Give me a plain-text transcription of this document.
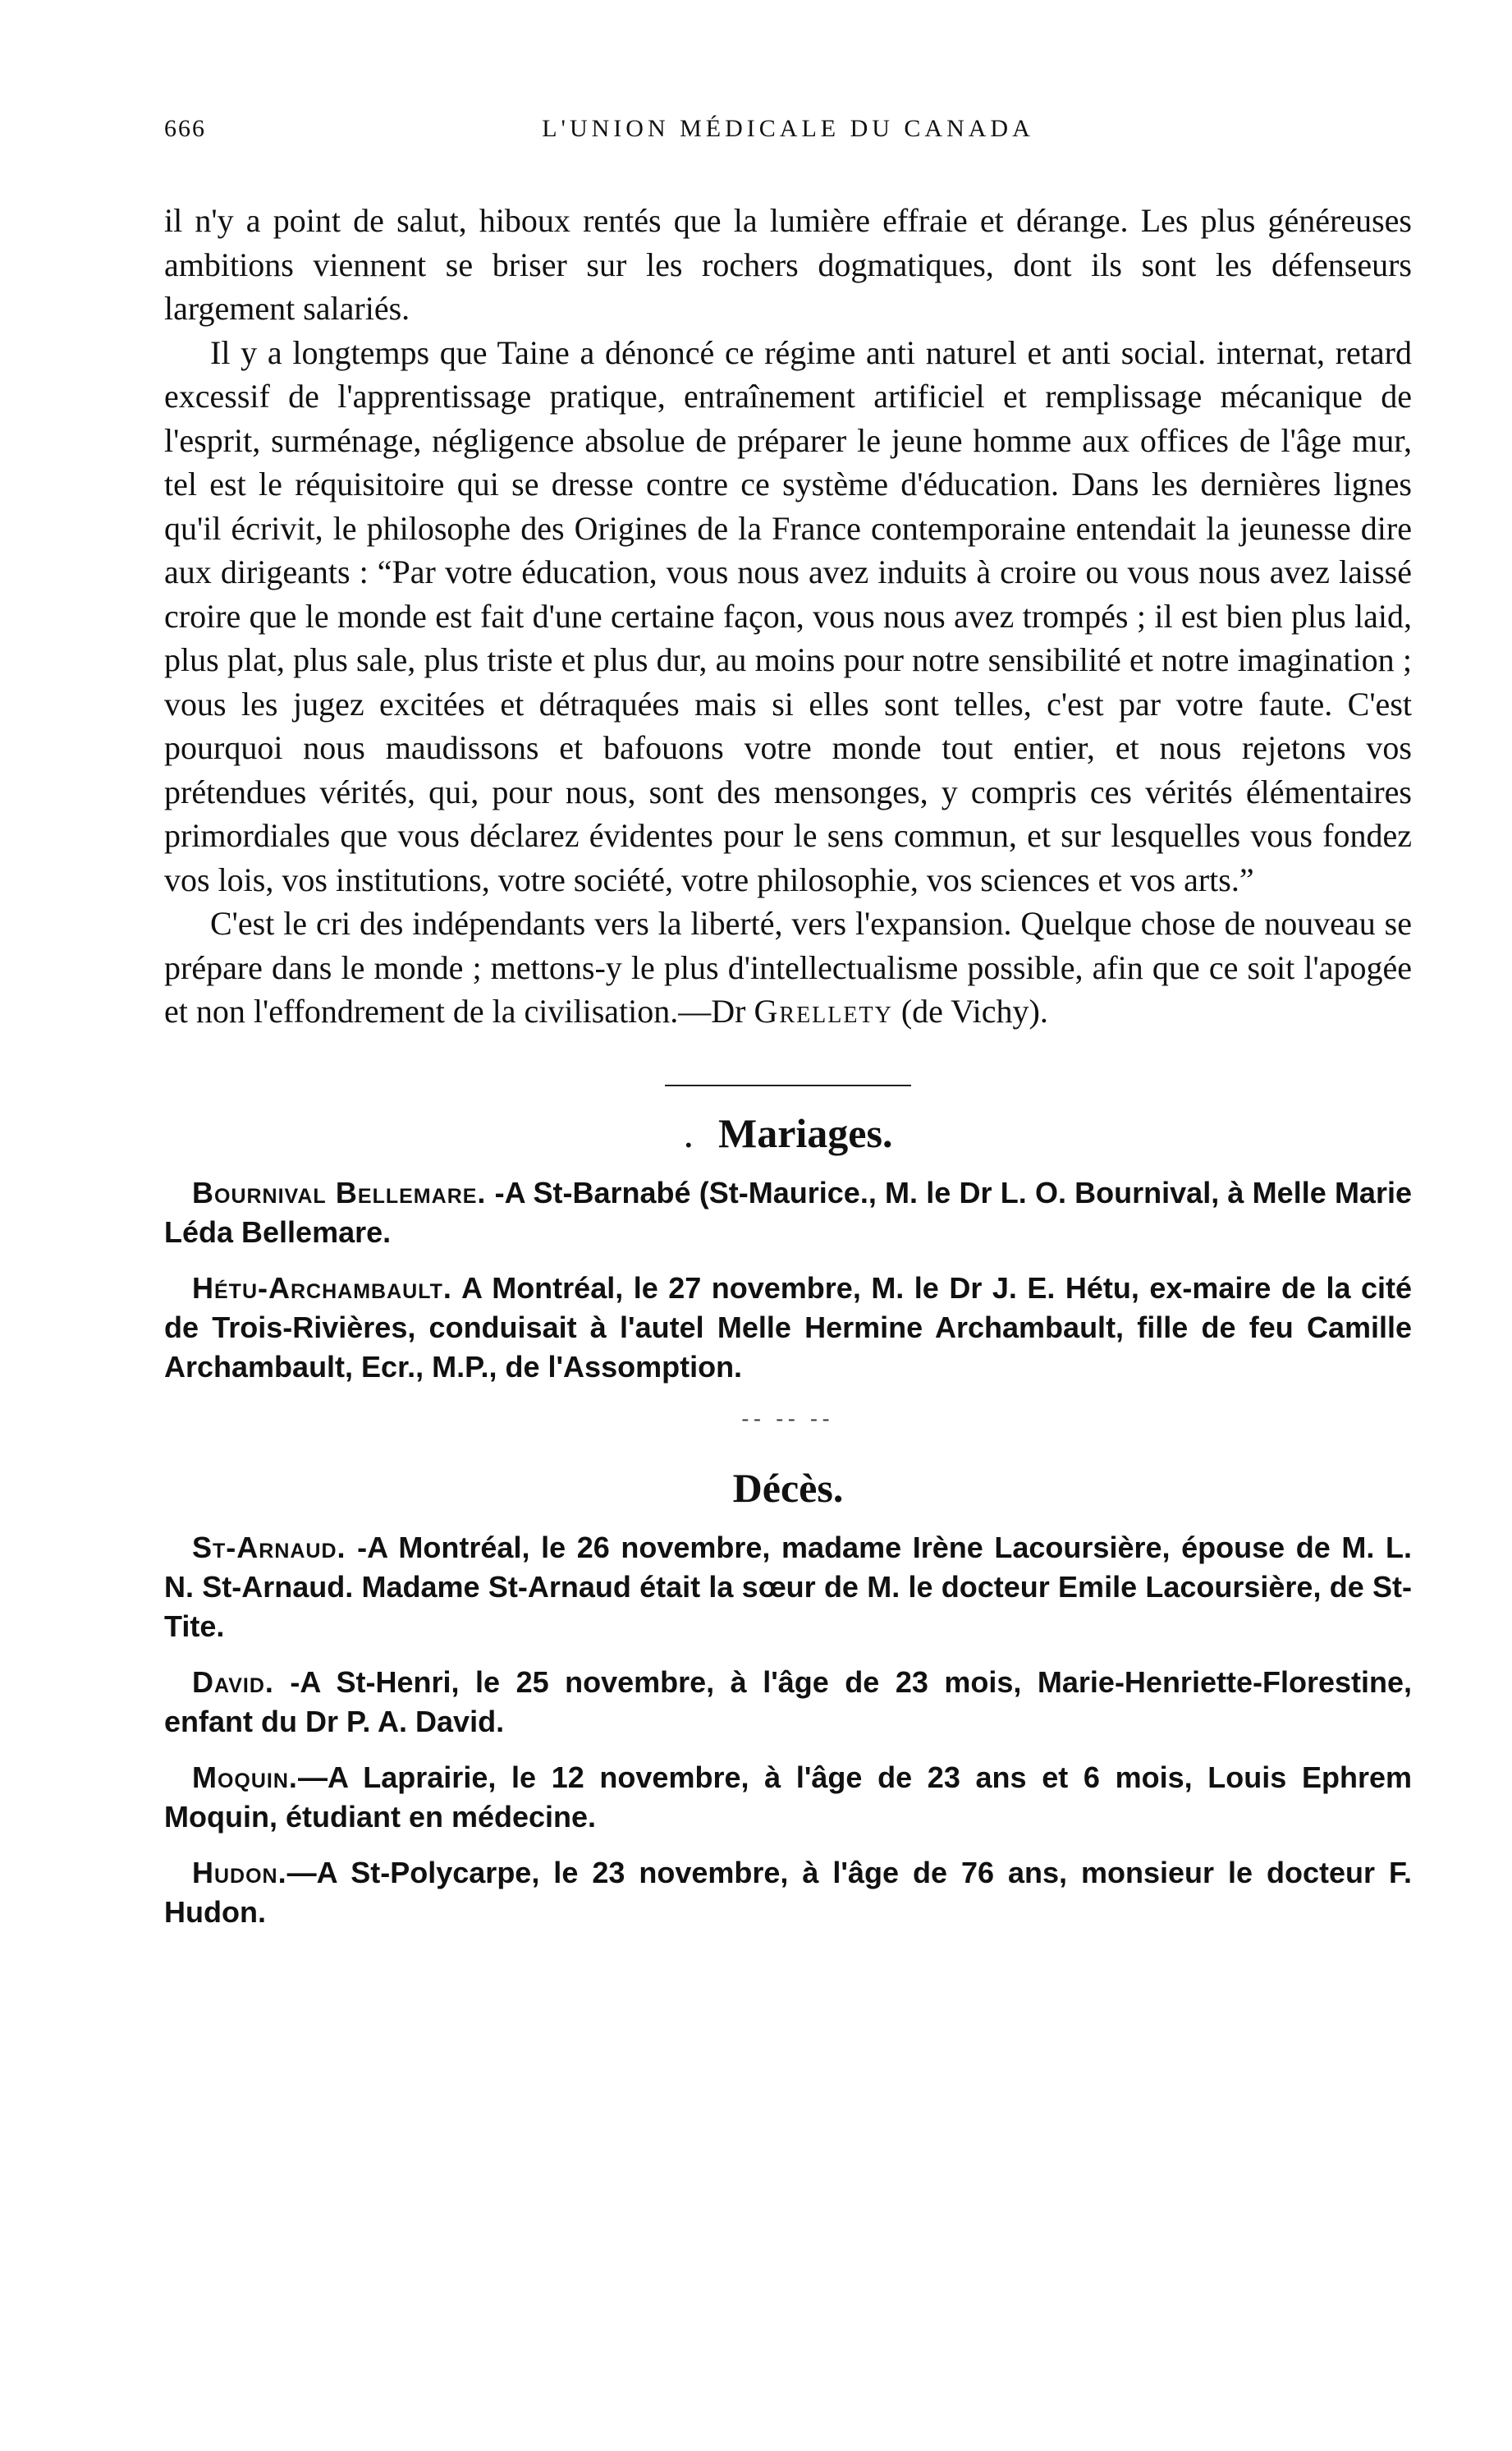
666	L'UNION MÉDICALE DU CANADA

il n'y a point de salut, hiboux rentés que la lumière effraie et dérange. Les plus généreuses ambitions viennent se briser sur les rochers dogmatiques, dont ils sont les défenseurs largement salariés.

Il y a longtemps que Taine a dénoncé ce régime anti naturel et anti social. internat, retard excessif de l'apprentissage pratique, entraînement artificiel et remplissage mécanique de l'esprit, surménage, négligence absolue de préparer le jeune homme aux offices de l'âge mur, tel est le réquisitoire qui se dresse contre ce système d'éducation. Dans les dernières lignes qu'il écrivit, le philosophe des Origines de la France contemporaine entendait la jeunesse dire aux dirigeants : “Par votre éducation, vous nous avez induits à croire ou vous nous avez laissé croire que le monde est fait d'une certaine façon, vous nous avez trompés ; il est bien plus laid, plus plat, plus sale, plus triste et plus dur, au moins pour notre sensibilité et notre imagination ; vous les jugez excitées et détraquées mais si elles sont telles, c'est par votre faute. C'est pourquoi nous maudissons et bafouons votre monde tout entier, et nous rejetons vos prétendues vérités, qui, pour nous, sont des mensonges, y compris ces vérités élémentaires primordiales que vous déclarez évidentes pour le sens commun, et sur lesquelles vous fondez vos lois, vos institutions, votre société, votre philosophie, vos sciences et vos arts.”

C'est le cri des indépendants vers la liberté, vers l'expansion. Quelque chose de nouveau se prépare dans le monde ; mettons-y le plus d'intellectualisme possible, afin que ce soit l'apogée et non l'effondrement de la civilisation.—Dr Grellety (de Vichy).

. Mariages.

Bournival Bellemare. -A St-Barnabé (St-Maurice., M. le Dr L. O. Bournival, à Melle Marie Léda Bellemare.

Hétu-Archambault. A Montréal, le 27 novembre, M. le Dr J. E. Hétu, ex-maire de la cité de Trois-Rivières, conduisait à l'autel Melle Hermine Archambault, fille de feu Camille Archambault, Ecr., M.P., de l'Assomption.

-- -- --
Décès.

St-Arnaud. -A Montréal, le 26 novembre, madame Irène Lacoursière, épouse de M. L. N. St-Arnaud. Madame St-Arnaud était la sœur de M. le docteur Emile Lacoursière, de St-Tite.

David. -A St-Henri, le 25 novembre, à l'âge de 23 mois, Marie-Henriette-Florestine, enfant du Dr P. A. David.

Moquin.—A Laprairie, le 12 novembre, à l'âge de 23 ans et 6 mois, Louis Ephrem Moquin, étudiant en médecine.

Hudon.—A St-Polycarpe, le 23 novembre, à l'âge de 76 ans, monsieur le docteur F. Hudon.
